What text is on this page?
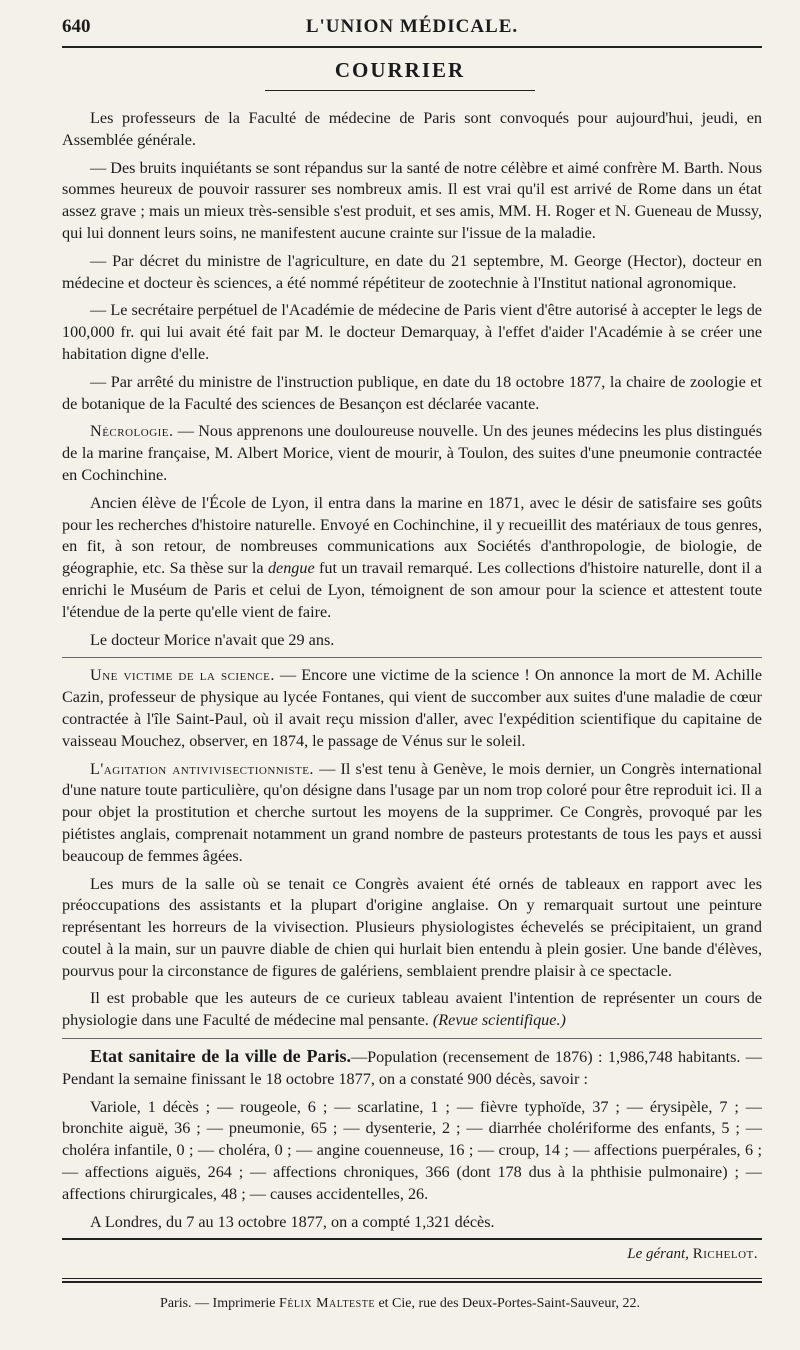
640	L'UNION MÉDICALE.
COURRIER

Les professeurs de la Faculté de médecine de Paris sont convoqués pour aujourd'hui, jeudi, en Assemblée générale.

— Des bruits inquiétants se sont répandus sur la santé de notre célèbre et aimé confrère M. Barth. Nous sommes heureux de pouvoir rassurer ses nombreux amis. Il est vrai qu'il est arrivé de Rome dans un état assez grave ; mais un mieux très-sensible s'est produit, et ses amis, MM. H. Roger et N. Gueneau de Mussy, qui lui donnent leurs soins, ne manifestent aucune crainte sur l'issue de la maladie.

— Par décret du ministre de l'agriculture, en date du 21 septembre, M. George (Hector), docteur en médecine et docteur ès sciences, a été nommé répétiteur de zootechnie à l'Institut national agronomique.

— Le secrétaire perpétuel de l'Académie de médecine de Paris vient d'être autorisé à accepter le legs de 100,000 fr. qui lui avait été fait par M. le docteur Demarquay, à l'effet d'aider l'Académie à se créer une habitation digne d'elle.

— Par arrêté du ministre de l'instruction publique, en date du 18 octobre 1877, la chaire de zoologie et de botanique de la Faculté des sciences de Besançon est déclarée vacante.

Nécrologie. — Nous apprenons une douloureuse nouvelle. Un des jeunes médecins les plus distingués de la marine française, M. Albert Morice, vient de mourir, à Toulon, des suites d'une pneumonie contractée en Cochinchine.

Ancien élève de l'École de Lyon, il entra dans la marine en 1871, avec le désir de satisfaire ses goûts pour les recherches d'histoire naturelle. Envoyé en Cochinchine, il y recueillit des matériaux de tous genres, en fit, à son retour, de nombreuses communications aux Sociétés d'anthropologie, de biologie, de géographie, etc. Sa thèse sur la dengue fut un travail remarqué. Les collections d'histoire naturelle, dont il a enrichi le Muséum de Paris et celui de Lyon, témoignent de son amour pour la science et attestent toute l'étendue de la perte qu'elle vient de faire.

Le docteur Morice n'avait que 29 ans.

Une victime de la science. — Encore une victime de la science ! On annonce la mort de M. Achille Cazin, professeur de physique au lycée Fontanes, qui vient de succomber aux suites d'une maladie de cœur contractée à l'île Saint-Paul, où il avait reçu mission d'aller, avec l'expédition scientifique du capitaine de vaisseau Mouchez, observer, en 1874, le passage de Vénus sur le soleil.

L'agitation antivivisectionniste. — Il s'est tenu à Genève, le mois dernier, un Congrès international d'une nature toute particulière, qu'on désigne dans l'usage par un nom trop coloré pour être reproduit ici. Il a pour objet la prostitution et cherche surtout les moyens de la supprimer. Ce Congrès, provoqué par les piétistes anglais, comprenait notamment un grand nombre de pasteurs protestants de tous les pays et aussi beaucoup de femmes âgées.

Les murs de la salle où se tenait ce Congrès avaient été ornés de tableaux en rapport avec les préoccupations des assistants et la plupart d'origine anglaise. On y remarquait surtout une peinture représentant les horreurs de la vivisection. Plusieurs physiologistes échevelés se précipitaient, un grand coutel à la main, sur un pauvre diable de chien qui hurlait bien entendu à plein gosier. Une bande d'élèves, pourvus pour la circonstance de figures de galériens, semblaient prendre plaisir à ce spectacle.

Il est probable que les auteurs de ce curieux tableau avaient l'intention de représenter un cours de physiologie dans une Faculté de médecine mal pensante. (Revue scientifique.)

Etat sanitaire de la ville de Paris.—Population (recensement de 1876) : 1,986,748 habitants. — Pendant la semaine finissant le 18 octobre 1877, on a constaté 900 décès, savoir :

Variole, 1 décès ; — rougeole, 6 ; — scarlatine, 1 ; — fièvre typhoïde, 37 ; — érysipèle, 7 ; — bronchite aiguë, 36 ; — pneumonie, 65 ; — dysenterie, 2 ; — diarrhée cholériforme des enfants, 5 ; — choléra infantile, 0 ; — choléra, 0 ; — angine couenneuse, 16 ; — croup, 14 ; — affections puerpérales, 6 ; — affections aiguës, 264 ; — affections chroniques, 366 (dont 178 dus à la phthisie pulmonaire) ; — affections chirurgicales, 48 ; — causes accidentelles, 26.

A Londres, du 7 au 13 octobre 1877, on a compté 1,321 décès.

Le gérant, Richelot.
Paris. — Imprimerie Félix Malteste et Cie, rue des Deux-Portes-Saint-Sauveur, 22.
